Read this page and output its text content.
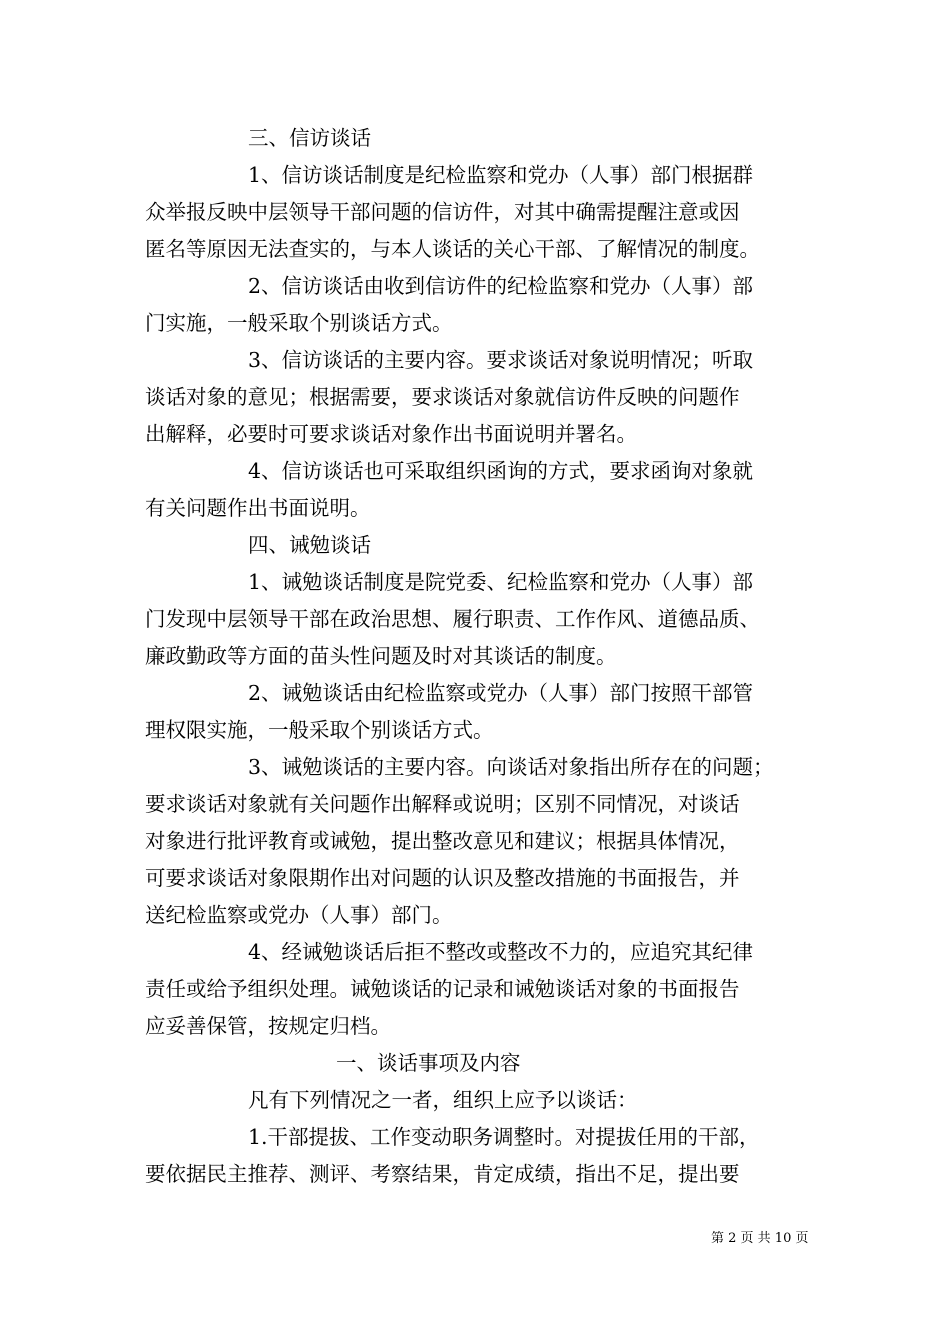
三、信访谈话
1、信访谈话制度是纪检监察和党办（人事）部门根据群
众举报反映中层领导干部问题的信访件，对其中确需提醒注意或因
匿名等原因无法查实的，与本人谈话的关心干部、了解情况的制度。
2、信访谈话由收到信访件的纪检监察和党办（人事）部
门实施，一般采取个别谈话方式。
3、信访谈话的主要内容。要求谈话对象说明情况；听取
谈话对象的意见；根据需要，要求谈话对象就信访件反映的问题作
出解释，必要时可要求谈话对象作出书面说明并署名。
4、信访谈话也可采取组织函询的方式，要求函询对象就
有关问题作出书面说明。
四、诫勉谈话
1、诫勉谈话制度是院党委、纪检监察和党办（人事）部
门发现中层领导干部在政治思想、履行职责、工作作风、道德品质、
廉政勤政等方面的苗头性问题及时对其谈话的制度。
2、诫勉谈话由纪检监察或党办（人事）部门按照干部管
理权限实施，一般采取个别谈话方式。
3、诫勉谈话的主要内容。向谈话对象指出所存在的问题；
要求谈话对象就有关问题作出解释或说明；区别不同情况，对谈话
对象进行批评教育或诫勉，提出整改意见和建议；根据具体情况，
可要求谈话对象限期作出对问题的认识及整改措施的书面报告，并
送纪检监察或党办（人事）部门。
4、经诫勉谈话后拒不整改或整改不力的，应追究其纪律
责任或给予组织处理。诫勉谈话的记录和诫勉谈话对象的书面报告
应妥善保管，按规定归档。
一、谈话事项及内容
凡有下列情况之一者，组织上应予以谈话：
1.干部提拔、工作变动职务调整时。对提拔任用的干部，
要依据民主推荐、测评、考察结果，肯定成绩，指出不足，提出要
第 2 页 共 10 页
